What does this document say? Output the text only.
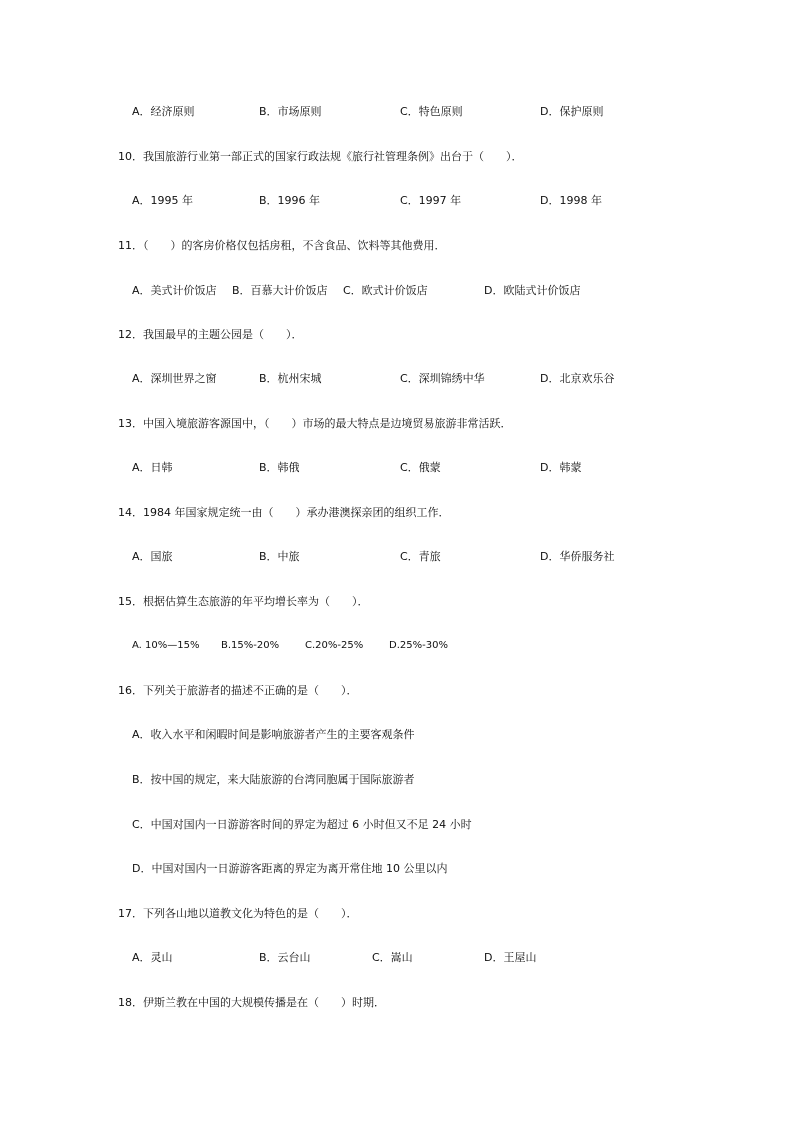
A．经济原则	B．市场原则	C．特色原则	D．保护原则
10．我国旅游行业第一部正式的国家行政法规《旅行社管理条例》出台于（　　）．
A．1995 年	B．1996 年	C．1997 年	D．1998 年
11．（　　）的客房价格仅包括房租，不含食品、饮料等其他费用．
A．美式计价饭店 B．百慕大计价饭店 C．欧式计价饭店	D．欧陆式计价饭店
12．我国最早的主题公园是（　　）．
A．深圳世界之窗	B．杭州宋城	C．深圳锦绣中华	D．北京欢乐谷
13．中国入境旅游客源国中，（　　）市场的最大特点是边境贸易旅游非常活跃．
A．日韩	B．韩俄	C．俄蒙	D．韩蒙
14．1984 年国家规定统一由（　　）承办港澳探亲团的组织工作．
A．国旅	B．中旅	C．青旅	D．华侨服务社
15．根据估算生态旅游的年平均增长率为（　　）．
A. 10%—15% B.15%-20%	C.20%-25%	D.25%-30%
16．下列关于旅游者的描述不正确的是（　　）．
A．收入水平和闲暇时间是影响旅游者产生的主要客观条件
B．按中国的规定，来大陆旅游的台湾同胞属于国际旅游者
C．中国对国内一日游游客时间的界定为超过 6 小时但又不足 24 小时
D．中国对国内一日游游客距离的界定为离开常住地 10 公里以内
17．下列各山地以道教文化为特色的是（　　）．
A．灵山	B．云台山	C．嵩山	D．王屋山
18．伊斯兰教在中国的大规模传播是在（　　）时期．
